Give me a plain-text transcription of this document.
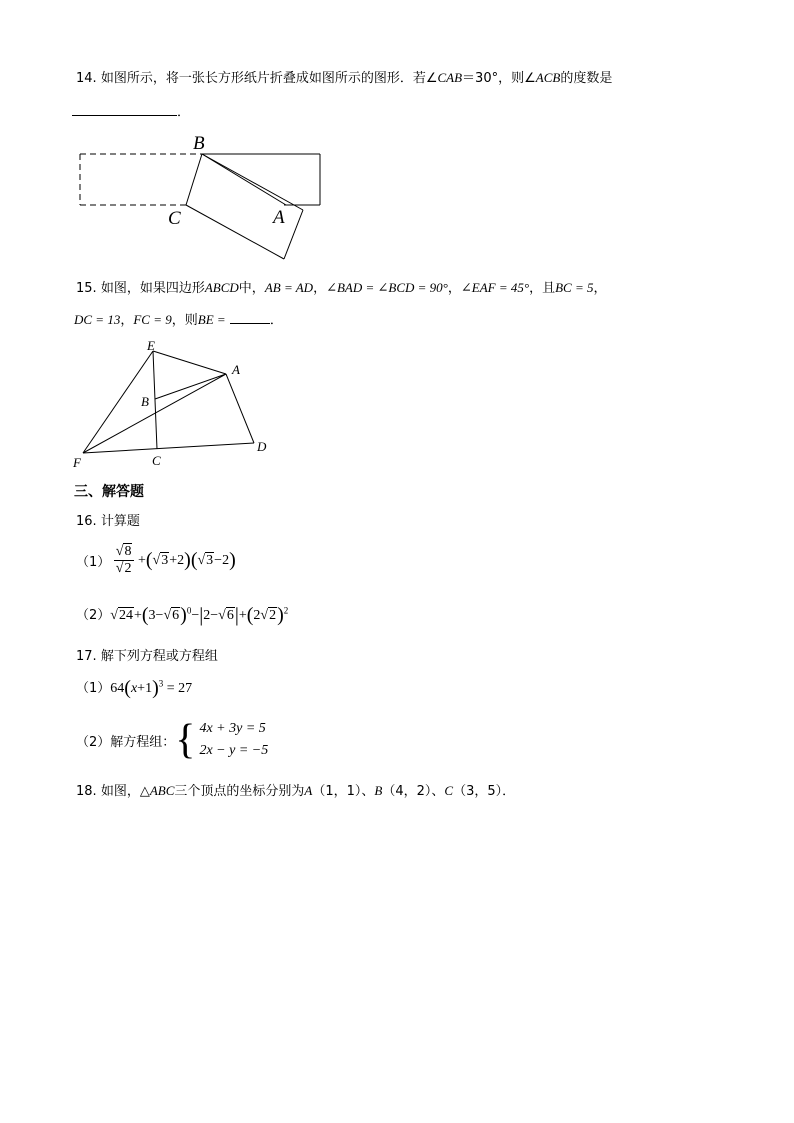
14. 如图所示，将一张长方形纸片折叠成如图所示的图形．若∠CAB＝30°，则∠ACB的度数是
．
B
C	A
15. 如图，如果四边形ABCD中，AB = AD，∠BAD = ∠BCD = 90°，∠EAF = 45°，且BC = 5，
DC = 13，FC = 9，则BE =	．
E
A
B
D
F	C
三、解答题
16. 计算题
$(1) \frac{√8}{√2} +(√3+2)(√3-2)$
$(2)√24+(3-√6)^0-|2-√6|+(2√2)^2$
17. 解下列方程或方程组
$(1)64(x+1)^3 = 27$
（2） 解方程组： { 4x + 3y = 5
2x − y = −5
18. 如图，△ABC三个顶点的坐标分别为A（1，1）、B（4，2）、C（3，5）．
